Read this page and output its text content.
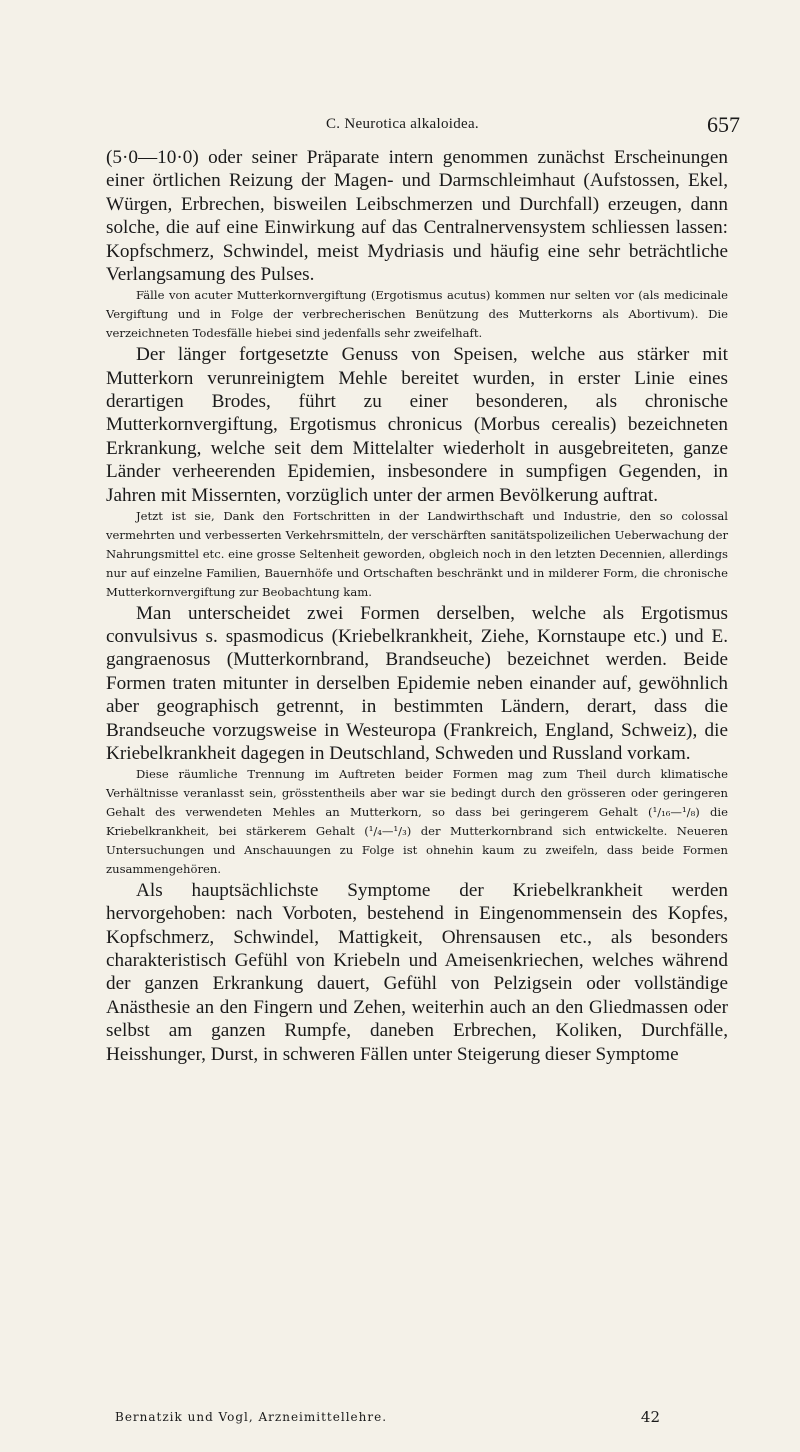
C. Neurotica alkaloidea.	657

(5·0—10·0) oder seiner Präparate intern genommen zunächst Erscheinungen einer örtlichen Reizung der Magen- und Darmschleimhaut (Aufstossen, Ekel, Würgen, Erbrechen, bisweilen Leibschmerzen und Durchfall) erzeugen, dann solche, die auf eine Einwirkung auf das Centralnervensystem schliessen lassen: Kopfschmerz, Schwindel, meist Mydriasis und häufig eine sehr beträchtliche Verlangsamung des Pulses.

Fälle von acuter Mutterkornvergiftung (Ergotismus acutus) kommen nur selten vor (als medicinale Vergiftung und in Folge der verbrecherischen Benützung des Mutterkorns als Abortivum). Die verzeichneten Todesfälle hiebei sind jedenfalls sehr zweifelhaft.

Der länger fortgesetzte Genuss von Speisen, welche aus stärker mit Mutterkorn verunreinigtem Mehle bereitet wurden, in erster Linie eines derartigen Brodes, führt zu einer besonderen, als chronische Mutterkornvergiftung, Ergotismus chronicus (Morbus cerealis) bezeichneten Erkrankung, welche seit dem Mittelalter wiederholt in ausgebreiteten, ganze Länder verheerenden Epidemien, insbesondere in sumpfigen Gegenden, in Jahren mit Missernten, vorzüglich unter der armen Bevölkerung auftrat.

Jetzt ist sie, Dank den Fortschritten in der Landwirthschaft und Industrie, den so colossal vermehrten und verbesserten Verkehrsmitteln, der verschärften sanitätspolizeilichen Ueberwachung der Nahrungsmittel etc. eine grosse Seltenheit geworden, obgleich noch in den letzten Decennien, allerdings nur auf einzelne Familien, Bauernhöfe und Ortschaften beschränkt und in milderer Form, die chronische Mutterkornvergiftung zur Beobachtung kam.

Man unterscheidet zwei Formen derselben, welche als Ergotismus convulsivus s. spasmodicus (Kriebelkrankheit, Ziehe, Kornstaupe etc.) und E. gangraenosus (Mutterkornbrand, Brandseuche) bezeichnet werden. Beide Formen traten mitunter in derselben Epidemie neben einander auf, gewöhnlich aber geographisch getrennt, in bestimmten Ländern, derart, dass die Brandseuche vorzugsweise in Westeuropa (Frankreich, England, Schweiz), die Kriebelkrankheit dagegen in Deutschland, Schweden und Russland vorkam.

Diese räumliche Trennung im Auftreten beider Formen mag zum Theil durch klimatische Verhältnisse veranlasst sein, grösstentheils aber war sie bedingt durch den grösseren oder geringeren Gehalt des verwendeten Mehles an Mutterkorn, so dass bei geringerem Gehalt (¹/₁₆—¹/₈) die Kriebelkrankheit, bei stärkerem Gehalt (¹/₄—¹/₃) der Mutterkornbrand sich entwickelte. Neueren Untersuchungen und Anschauungen zu Folge ist ohnehin kaum zu zweifeln, dass beide Formen zusammengehören.

Als hauptsächlichste Symptome der Kriebelkrankheit werden hervorgehoben: nach Vorboten, bestehend in Eingenommensein des Kopfes, Kopfschmerz, Schwindel, Mattigkeit, Ohrensausen etc., als besonders charakteristisch Gefühl von Kriebeln und Ameisenkriechen, welches während der ganzen Erkrankung dauert, Gefühl von Pelzigsein oder vollständige Anästhesie an den Fingern und Zehen, weiterhin auch an den Gliedmassen oder selbst am ganzen Rumpfe, daneben Erbrechen, Koliken, Durchfälle, Heisshunger, Durst, in schweren Fällen unter Steigerung dieser Symptome

Bernatzik und Vogl, Arzneimittellehre.	42
